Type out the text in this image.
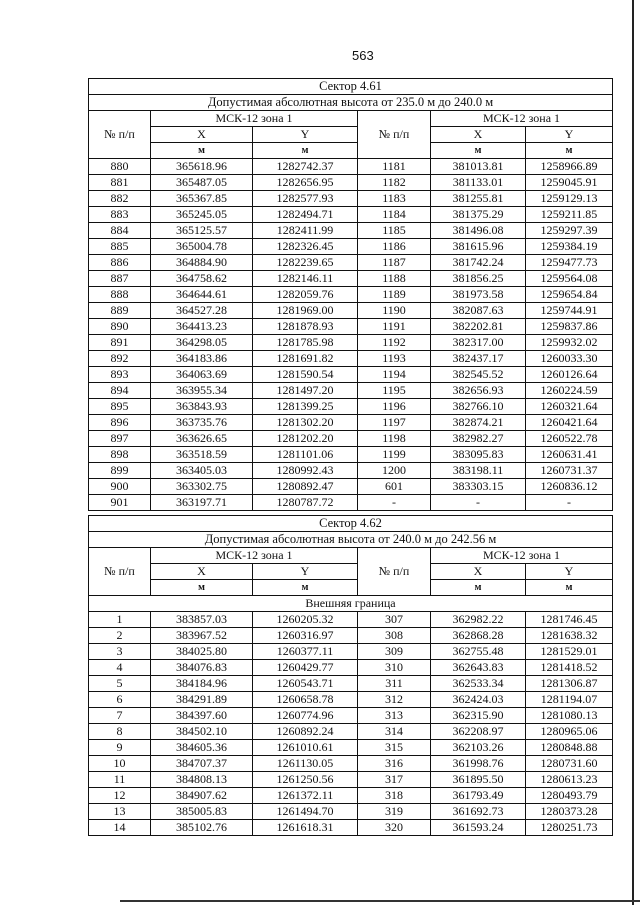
563
Сектор 4.61					
Допустимая абсолютная высота от 235.0 м до 240.0 м					
№ п/п	МСК-12 зона 1		№ п/п	МСК-12 зона 1	
	X	Y		X	Y
	м	м		м	м
880	365618.96	1282742.37	1181	381013.81	1258966.89
881	365487.05	1282656.95	1182	381133.01	1259045.91
882	365367.85	1282577.93	1183	381255.81	1259129.13
883	365245.05	1282494.71	1184	381375.29	1259211.85
884	365125.57	1282411.99	1185	381496.08	1259297.39
885	365004.78	1282326.45	1186	381615.96	1259384.19
886	364884.90	1282239.65	1187	381742.24	1259477.73
887	364758.62	1282146.11	1188	381856.25	1259564.08
888	364644.61	1282059.76	1189	381973.58	1259654.84
889	364527.28	1281969.00	1190	382087.63	1259744.91
890	364413.23	1281878.93	1191	382202.81	1259837.86
891	364298.05	1281785.98	1192	382317.00	1259932.02
892	364183.86	1281691.82	1193	382437.17	1260033.30
893	364063.69	1281590.54	1194	382545.52	1260126.64
894	363955.34	1281497.20	1195	382656.93	1260224.59
895	363843.93	1281399.25	1196	382766.10	1260321.64
896	363735.76	1281302.20	1197	382874.21	1260421.64
897	363626.65	1281202.20	1198	382982.27	1260522.78
898	363518.59	1281101.06	1199	383095.83	1260631.41
899	363405.03	1280992.43	1200	383198.11	1260731.37
900	363302.75	1280892.47	601	383303.15	1260836.12
901	363197.71	1280787.72	-	-	-
Сектор 4.62					
Допустимая абсолютная высота от 240.0 м до 242.56 м					
№ п/п	МСК-12 зона 1		№ п/п	МСК-12 зона 1	
	X	Y		X	Y
	м	м		м	м
Внешняя граница					
1	383857.03	1260205.32	307	362982.22	1281746.45
2	383967.52	1260316.97	308	362868.28	1281638.32
3	384025.80	1260377.11	309	362755.48	1281529.01
4	384076.83	1260429.77	310	362643.83	1281418.52
5	384184.96	1260543.71	311	362533.34	1281306.87
6	384291.89	1260658.78	312	362424.03	1281194.07
7	384397.60	1260774.96	313	362315.90	1281080.13
8	384502.10	1260892.24	314	362208.97	1280965.06
9	384605.36	1261010.61	315	362103.26	1280848.88
10	384707.37	1261130.05	316	361998.76	1280731.60
11	384808.13	1261250.56	317	361895.50	1280613.23
12	384907.62	1261372.11	318	361793.49	1280493.79
13	385005.83	1261494.70	319	361692.73	1280373.28
14	385102.76	1261618.31	320	361593.24	1280251.73
